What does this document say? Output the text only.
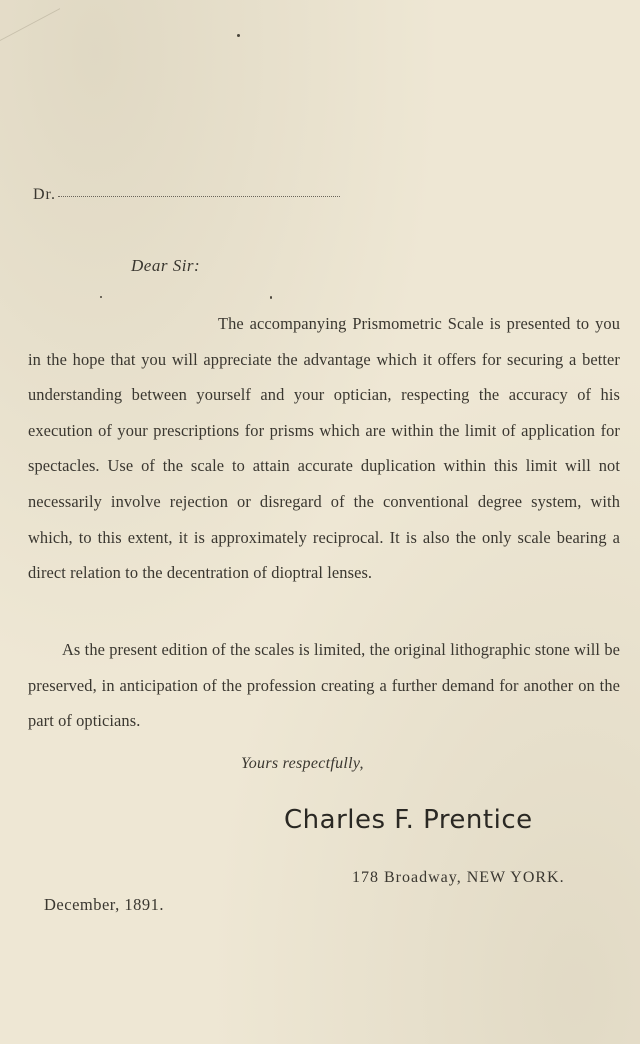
Dr.
Dear Sir:
The accompanying Prismometric Scale is presented to you in the hope that you will appreciate the advantage which it offers for securing a better understanding between yourself and your optician, respecting the accuracy of his execution of your prescriptions for prisms which are within the limit of application for spectacles. Use of the scale to attain accurate duplication within this limit will not necessarily involve rejection or disregard of the conventional degree system, with which, to this extent, it is approximately reciprocal. It is also the only scale bearing a direct relation to the decentration of dioptral lenses.
As the present edition of the scales is limited, the original lithographic stone will be preserved, in anticipation of the profession creating a further demand for another on the part of opticians.
Yours respectfully,
Charles F. Prentice
178 Broadway, NEW YORK.
December, 1891.
